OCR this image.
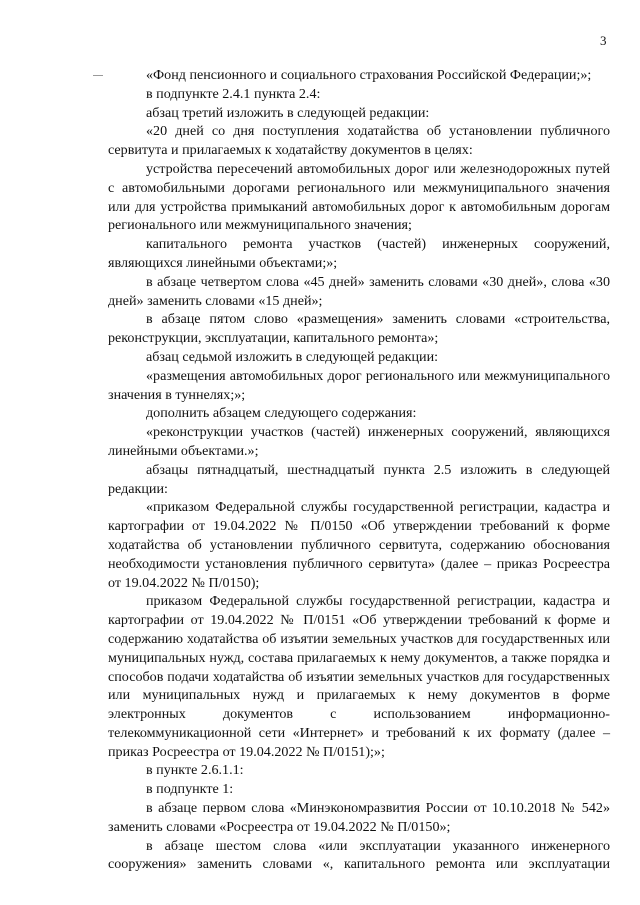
3

«Фонд пенсионного и социального страхования Российской Федерации;»;

в подпункте 2.4.1 пункта 2.4:

абзац третий изложить в следующей редакции:

«20 дней со дня поступления ходатайства об установлении публичного сервитута и прилагаемых к ходатайству документов в целях:

устройства пересечений автомобильных дорог или железнодорожных путей с автомобильными дорогами регионального или межмуниципального значения или для устройства примыканий автомобильных дорог к автомобильным дорогам регионального или межмуниципального значения;

капитального ремонта участков (частей) инженерных сооружений, являющихся линейными объектами;»;

в абзаце четвертом слова «45 дней» заменить словами «30 дней», слова «30 дней» заменить словами «15 дней»;

в абзаце пятом слово «размещения» заменить словами «строительства, реконструкции, эксплуатации, капитального ремонта»;

абзац седьмой изложить в следующей редакции:

«размещения автомобильных дорог регионального или межмуниципального значения в туннелях;»;

дополнить абзацем следующего содержания:

«реконструкции участков (частей) инженерных сооружений, являющихся линейными объектами.»;

абзацы пятнадцатый, шестнадцатый пункта 2.5 изложить в следующей редакции:

«приказом Федеральной службы государственной регистрации, кадастра и картографии от 19.04.2022 № П/0150 «Об утверждении требований к форме ходатайства об установлении публичного сервитута, содержанию обоснования необходимости установления публичного сервитута» (далее – приказ Росреестра от 19.04.2022 № П/0150);

приказом Федеральной службы государственной регистрации, кадастра и картографии от 19.04.2022 № П/0151 «Об утверждении требований к форме и содержанию ходатайства об изъятии земельных участков для государственных или муниципальных нужд, состава прилагаемых к нему документов, а также порядка и способов подачи ходатайства об изъятии земельных участков для государственных или муниципальных нужд и прилагаемых к нему документов в форме электронных документов с использованием информационно-телекоммуникационной сети «Интернет» и требований к их формату (далее – приказ Росреестра от 19.04.2022 № П/0151);»;

в пункте 2.6.1.1:

в подпункте 1:

в абзаце первом слова «Минэкономразвития России от 10.10.2018 № 542» заменить словами «Росреестра от 19.04.2022 № П/0150»;

в абзаце шестом слова «или эксплуатации указанного инженерного сооружения» заменить словами «, капитального ремонта или эксплуатации
